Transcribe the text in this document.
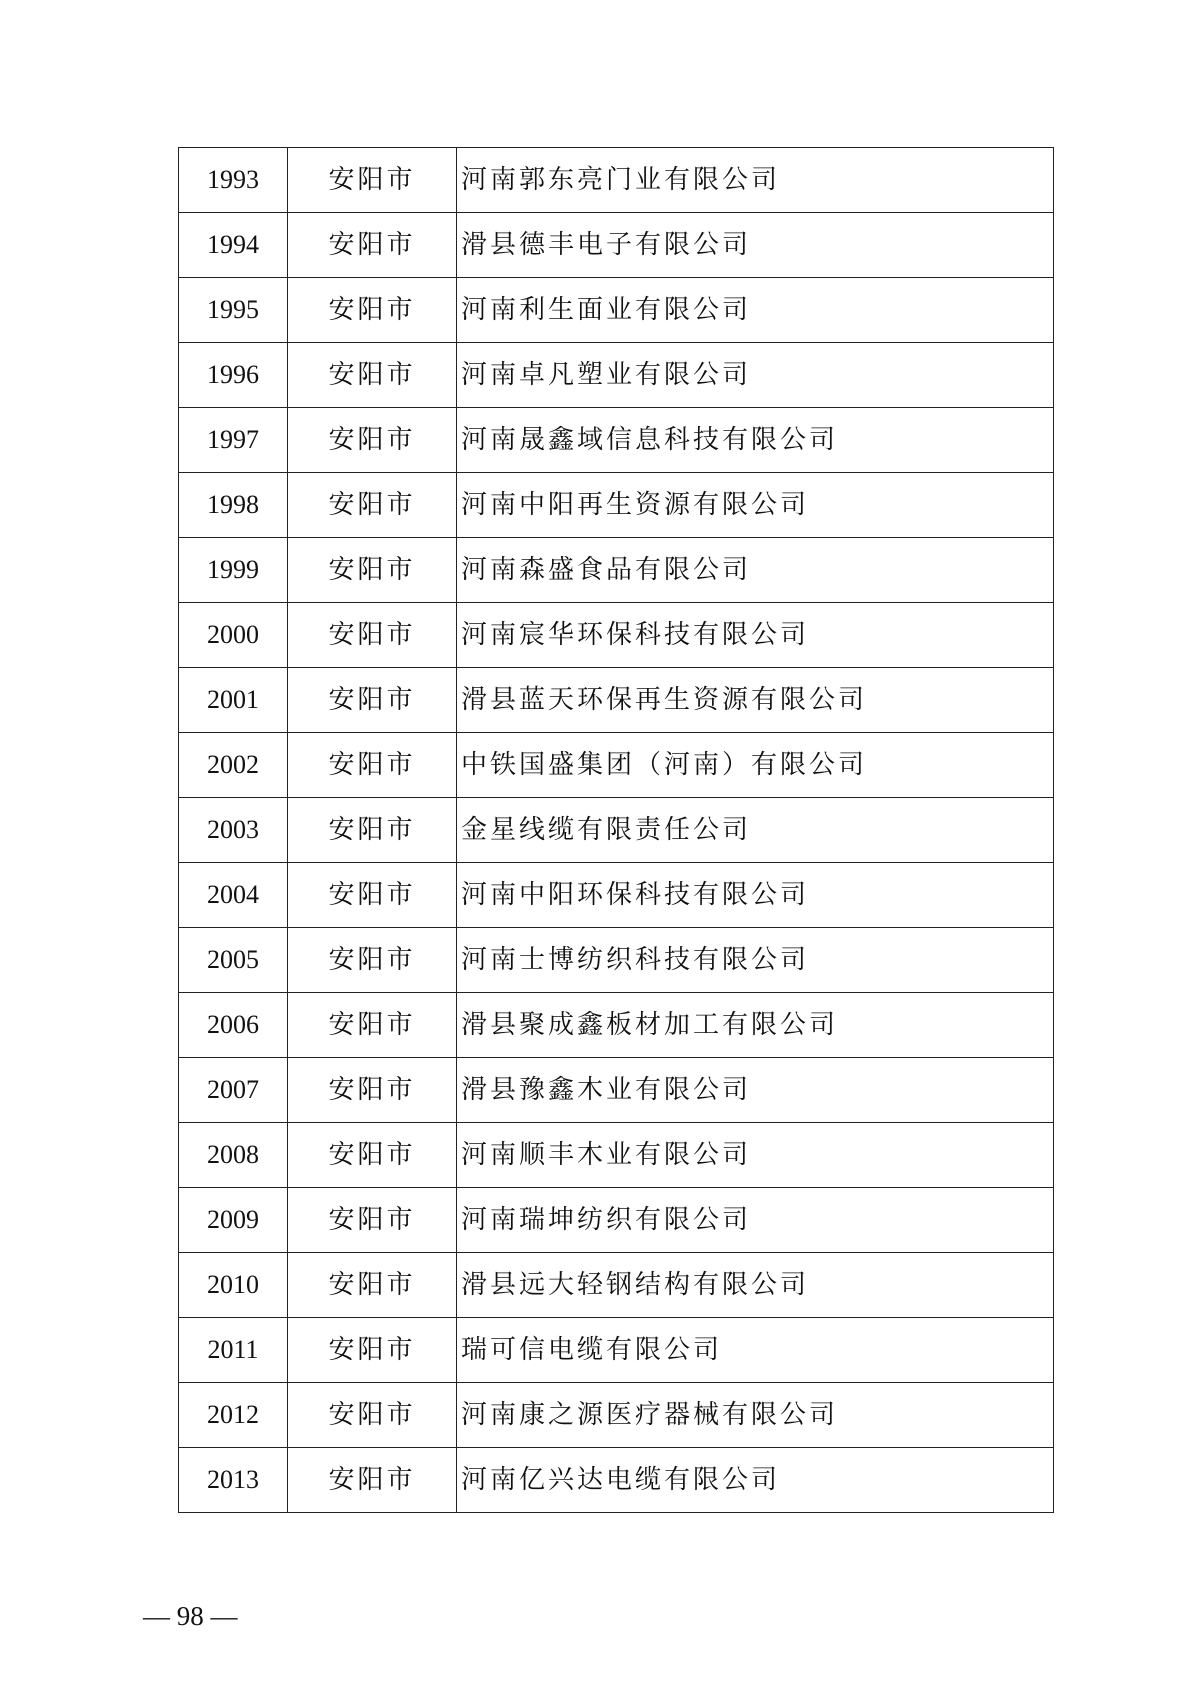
1993	安阳市	河南郭东亮门业有限公司
1994	安阳市	滑县德丰电子有限公司
1995	安阳市	河南利生面业有限公司
1996	安阳市	河南卓凡塑业有限公司
1997	安阳市	河南晟鑫域信息科技有限公司
1998	安阳市	河南中阳再生资源有限公司
1999	安阳市	河南森盛食品有限公司
2000	安阳市	河南宸华环保科技有限公司
2001	安阳市	滑县蓝天环保再生资源有限公司
2002	安阳市	中铁国盛集团（河南）有限公司
2003	安阳市	金星线缆有限责任公司
2004	安阳市	河南中阳环保科技有限公司
2005	安阳市	河南士博纺织科技有限公司
2006	安阳市	滑县聚成鑫板材加工有限公司
2007	安阳市	滑县豫鑫木业有限公司
2008	安阳市	河南顺丰木业有限公司
2009	安阳市	河南瑞坤纺织有限公司
2010	安阳市	滑县远大轻钢结构有限公司
2011	安阳市	瑞可信电缆有限公司
2012	安阳市	河南康之源医疗器械有限公司
2013	安阳市	河南亿兴达电缆有限公司
— 98 —
